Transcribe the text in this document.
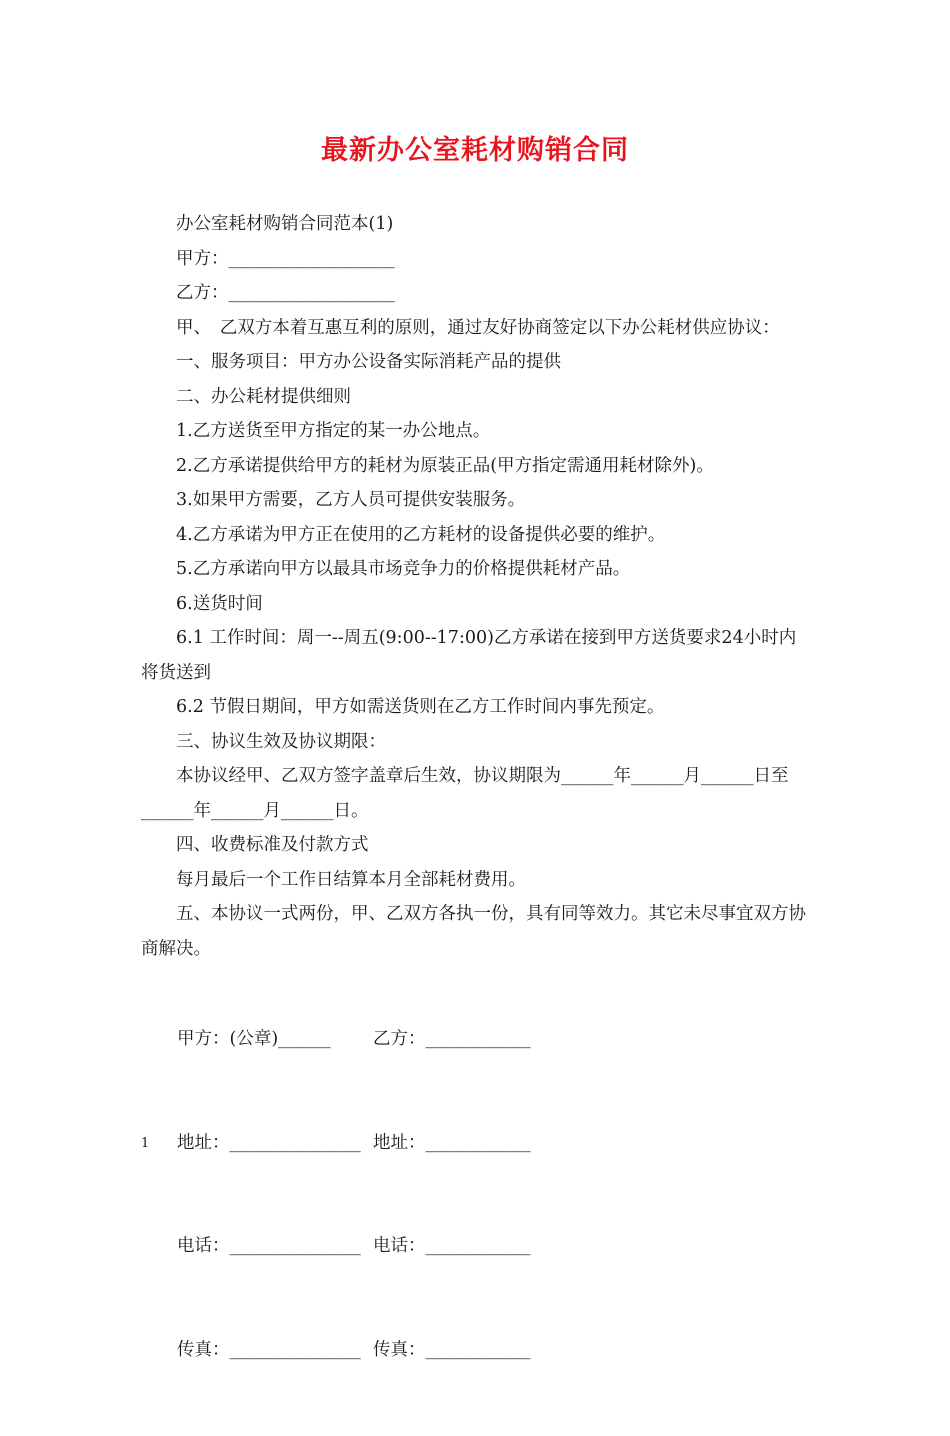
最新办公室耗材购销合同

办公室耗材购销合同范本(1)

甲方：___________________

乙方：___________________

甲、　乙双方本着互惠互利的原则，通过友好协商签定以下办公耗材供应协议：

一、服务项目：甲方办公设备实际消耗产品的提供

二、办公耗材提供细则

1.乙方送货至甲方指定的某一办公地点。

2.乙方承诺提供给甲方的耗材为原装正品(甲方指定需通用耗材除外)。

3.如果甲方需要，乙方人员可提供安装服务。

4.乙方承诺为甲方正在使用的乙方耗材的设备提供必要的维护。

5.乙方承诺向甲方以最具市场竞争力的价格提供耗材产品。

6.送货时间

6.1 工作时间：周一--周五(9:00--17:00)乙方承诺在接到甲方送货要求24小时内将货送到

6.2 节假日期间，甲方如需送货则在乙方工作时间内事先预定。

三、协议生效及协议期限：

本协议经甲、乙双方签字盖章后生效，协议期限为______年______月______日至______年______月______日。

四、收费标准及付款方式

每月最后一个工作日结算本月全部耗材费用。

五、本协议一式两份，甲、乙双方各执一份，具有同等效力。其它未尽事宜双方协商解决。

甲方：(公章)______	乙方：____________

地址：_______________ 地址：____________

电话：_______________ 电话：____________

传真：_______________ 传真：____________

1
